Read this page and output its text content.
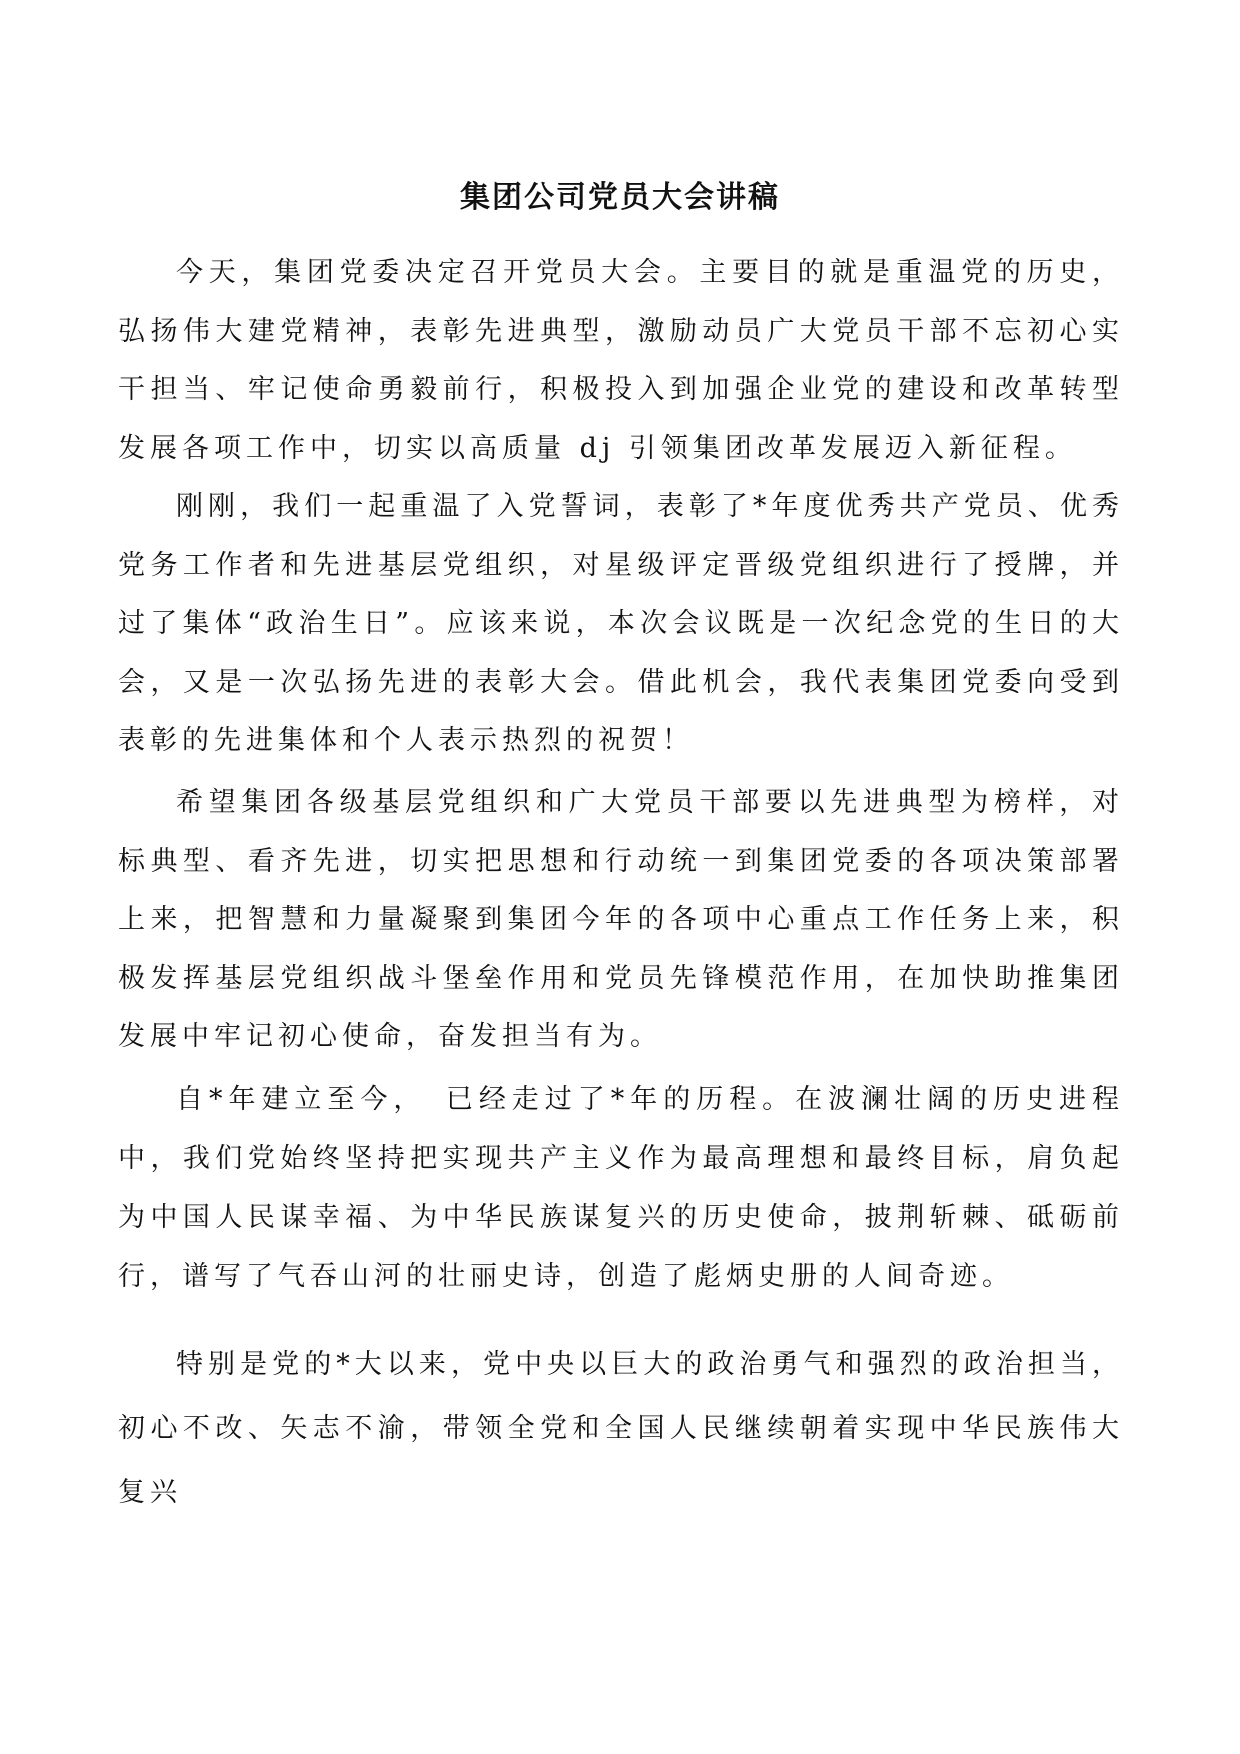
集团公司党员大会讲稿

今天，集团党委决定召开党员大会。主要目的就是重温党的历史，弘扬伟大建党精神，表彰先进典型，激励动员广大党员干部不忘初心实干担当、牢记使命勇毅前行，积极投入到加强企业党的建设和改革转型发展各项工作中，切实以高质量 dj 引领集团改革发展迈入新征程。

刚刚，我们一起重温了入党誓词，表彰了*年度优秀共产党员、优秀党务工作者和先进基层党组织，对星级评定晋级党组织进行了授牌，并过了集体“政治生日”。应该来说，本次会议既是一次纪念党的生日的大会，又是一次弘扬先进的表彰大会。借此机会，我代表集团党委向受到表彰的先进集体和个人表示热烈的祝贺！

希望集团各级基层党组织和广大党员干部要以先进典型为榜样，对标典型、看齐先进，切实把思想和行动统一到集团党委的各项决策部署上来，把智慧和力量凝聚到集团今年的各项中心重点工作任务上来，积极发挥基层党组织战斗堡垒作用和党员先锋模范作用，在加快助推集团发展中牢记初心使命，奋发担当有为。

自*年建立至今，　已经走过了*年的历程。在波澜壮阔的历史进程中，我们党始终坚持把实现共产主义作为最高理想和最终目标，肩负起为中国人民谋幸福、为中华民族谋复兴的历史使命，披荆斩棘、砥砺前行，谱写了气吞山河的壮丽史诗，创造了彪炳史册的人间奇迹。

特别是党的*大以来，党中央以巨大的政治勇气和强烈的政治担当，初心不改、矢志不渝，带领全党和全国人民继续朝着实现中华民族伟大复兴
